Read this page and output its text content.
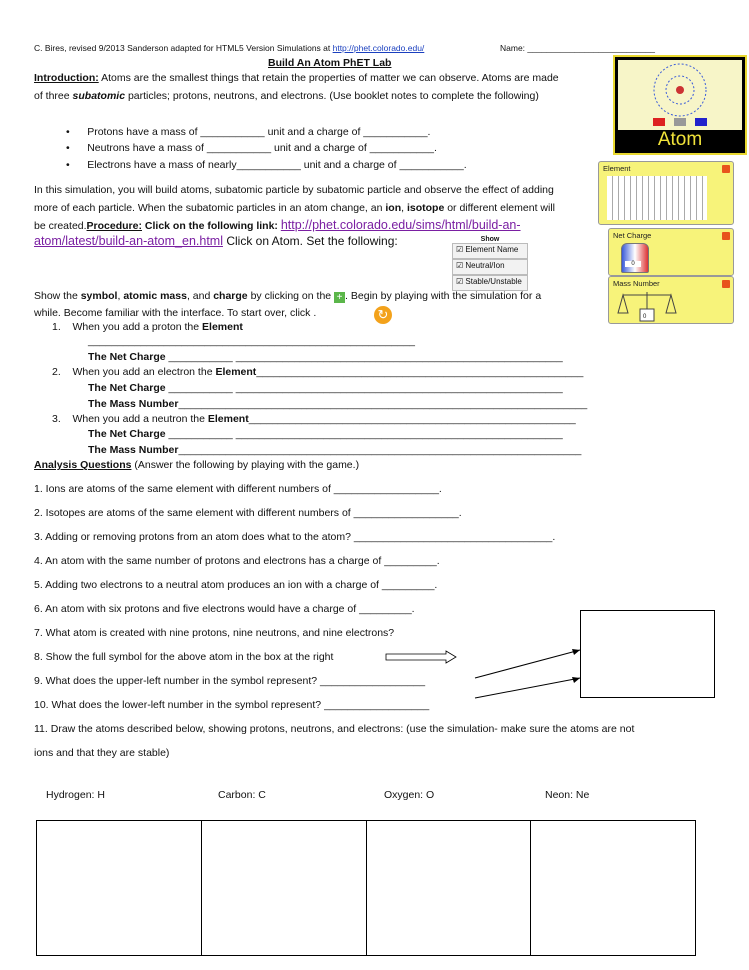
C. Bires, revised 9/2013 Sanderson adapted for HTML5 Version Simulations at http://phet.colorado.edu/	Name: ___________________________
Build An Atom PhET Lab
Introduction: Atoms are the smallest things that retain the properties of matter we can observe. Atoms are made
of three subatomic particles; protons, neutrons, and electrons. (Use booklet notes to complete the following)
•      Protons have a mass of ___________ unit and a charge of ___________.
•      Neutrons have a mass of ___________ unit and a charge of ___________.
•      Electrons have a mass of nearly___________ unit and a charge of ___________.
In this simulation, you will build atoms, subatomic particle by subatomic particle and observe the effect of adding
more of each particle. When the subatomic particles in an atom change, an ion, isotope or different element will
be created.Procedure: Click on the following link: http://phet.colorado.edu/sims/html/build-an-
atom/latest/build-an-atom_en.html Click on Atom. Set the following:	Show
☑ Element Name
☑ Neutral/Ion
☑ Stable/Unstable
Atom
Element
Net Charge
0
Mass Number
0
Show the symbol, atomic mass, and charge by clicking on the + . Begin by playing with the simulation for a
while. Become familiar with the interface. To start over, click .	↻
1. When you add a proton the Element
________________________________________________________
The Net Charge ___________ ________________________________________________________
2. When you add an electron the Element________________________________________________________
The Net Charge ___________ ________________________________________________________
The Mass Number______________________________________________________________________
3. When you add a neutron the Element________________________________________________________
The Net Charge ___________ ________________________________________________________
The Mass Number_____________________________________________________________________
Analysis Questions (Answer the following by playing with the game.)
1. Ions are atoms of the same element with different numbers of __________________.
2. Isotopes are atoms of the same element with different numbers of __________________.
3. Adding or removing protons from an atom does what to the atom? __________________________________.
4. An atom with the same number of protons and electrons has a charge of _________.
5. Adding two electrons to a neutral atom produces an ion with a charge of _________.
6. An atom with six protons and five electrons would have a charge of _________.
7. What atom is created with nine protons, nine neutrons, and nine electrons?
8. Show the full symbol for the above atom in the box at the right
9. What does the upper-left number in the symbol represent? __________________
10. What does the lower-left number in the symbol represent? __________________
11. Draw the atoms described below, showing protons, neutrons, and electrons: (use the simulation- make sure the atoms are not
ions and that they are stable)
Hydrogen: H	Carbon: C	Oxygen: O	Neon: Ne
